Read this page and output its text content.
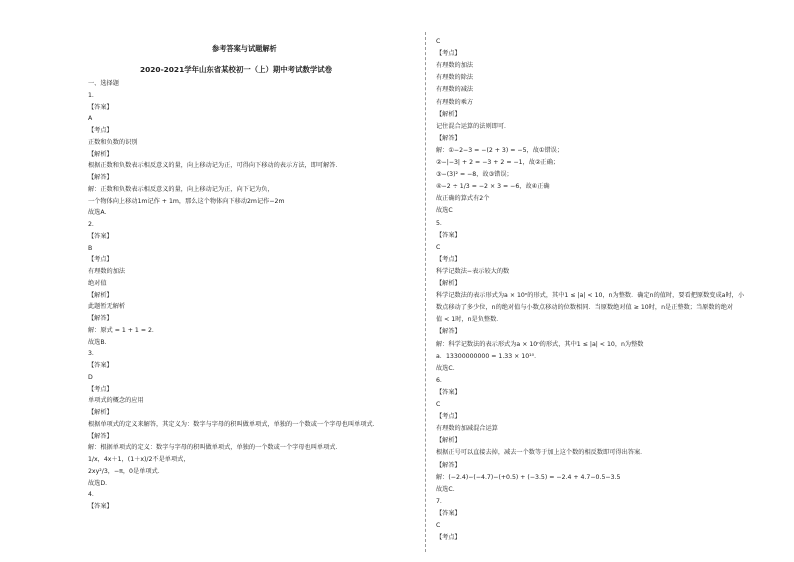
参考答案与试题解析
2020-2021学年山东省某校初一（上）期中考试数学试卷
一、选择题
1.
【答案】
A
【考点】
正数和负数的识别
【解析】
根据正数和负数表示相反意义的量，向上移动记为正，可得向下移动的表示方法，即可解答．
【解答】
解：正数和负数表示相反意义的量，向上移动记为正，向下记为负，
一个物体向上移动1m记作 + 1m，那么这个物体向下移动2m记作−2m
故选A．
2.
【答案】
B
【考点】
有理数的加法
绝对值
【解析】
此题暂无解析
【解答】
解：原式 = 1 + 1 = 2．
故选B．
3.
【答案】
D
【考点】
单项式的概念的应用
【解析】
根据单项式的定义来解答，其定义为：数字与字母的积叫做单项式，单独的一个数或一个字母也叫单项式．
【解答】
解：根据单项式的定义：数字与字母的积叫做单项式，单独的一个数或一个字母也叫单项式．
1/x，4x＋1，(1＋x)/2不是单项式，
2xy²/3，−π，0是单项式．
故选D．
4.
【答案】
C
【考点】
有理数的加法
有理数的除法
有理数的减法
有理数的乘方
【解析】
记住混合运算的法则即可．
【解答】
解：①−2−3 = −(2 + 3) = −5，故①错误；
②−|−3| + 2 = −3 + 2 = −1，故②正确；
③−(3)² = −8，故③错误；
④−2 ÷ 1/3 = −2 × 3 = −6，故④正确
故正确的算式有2个
故选C
5.
【答案】
C
【考点】
科学记数法−表示较大的数
【解析】
科学记数法的表示形式为a × 10ⁿ的形式，其中1 ≤ |a| < 10，n为整数．确定n的值时，要看把原数变成a时，小
数点移动了多少位，n的绝对值与小数点移动的位数相同．当原数绝对值 ≥ 10时，n是正整数；当原数的绝对
值 < 1时，n是负整数．
【解答】
解：科学记数法的表示形式为a × 10ⁿ的形式，其中1 ≤ |a| < 10，n为整数
a．13300000000 = 1.33 × 10¹⁰．
故选C．
6.
【答案】
C
【考点】
有理数的加减混合运算
【解析】
根据正号可以直接去掉，减去一个数等于加上这个数的相反数即可得出答案．
【解答】
解：(−2.4)−(−4.7)−(+0.5) + (−3.5) = −2.4 + 4.7−0.5−3.5
故选C．
7.
【答案】
C
【考点】
